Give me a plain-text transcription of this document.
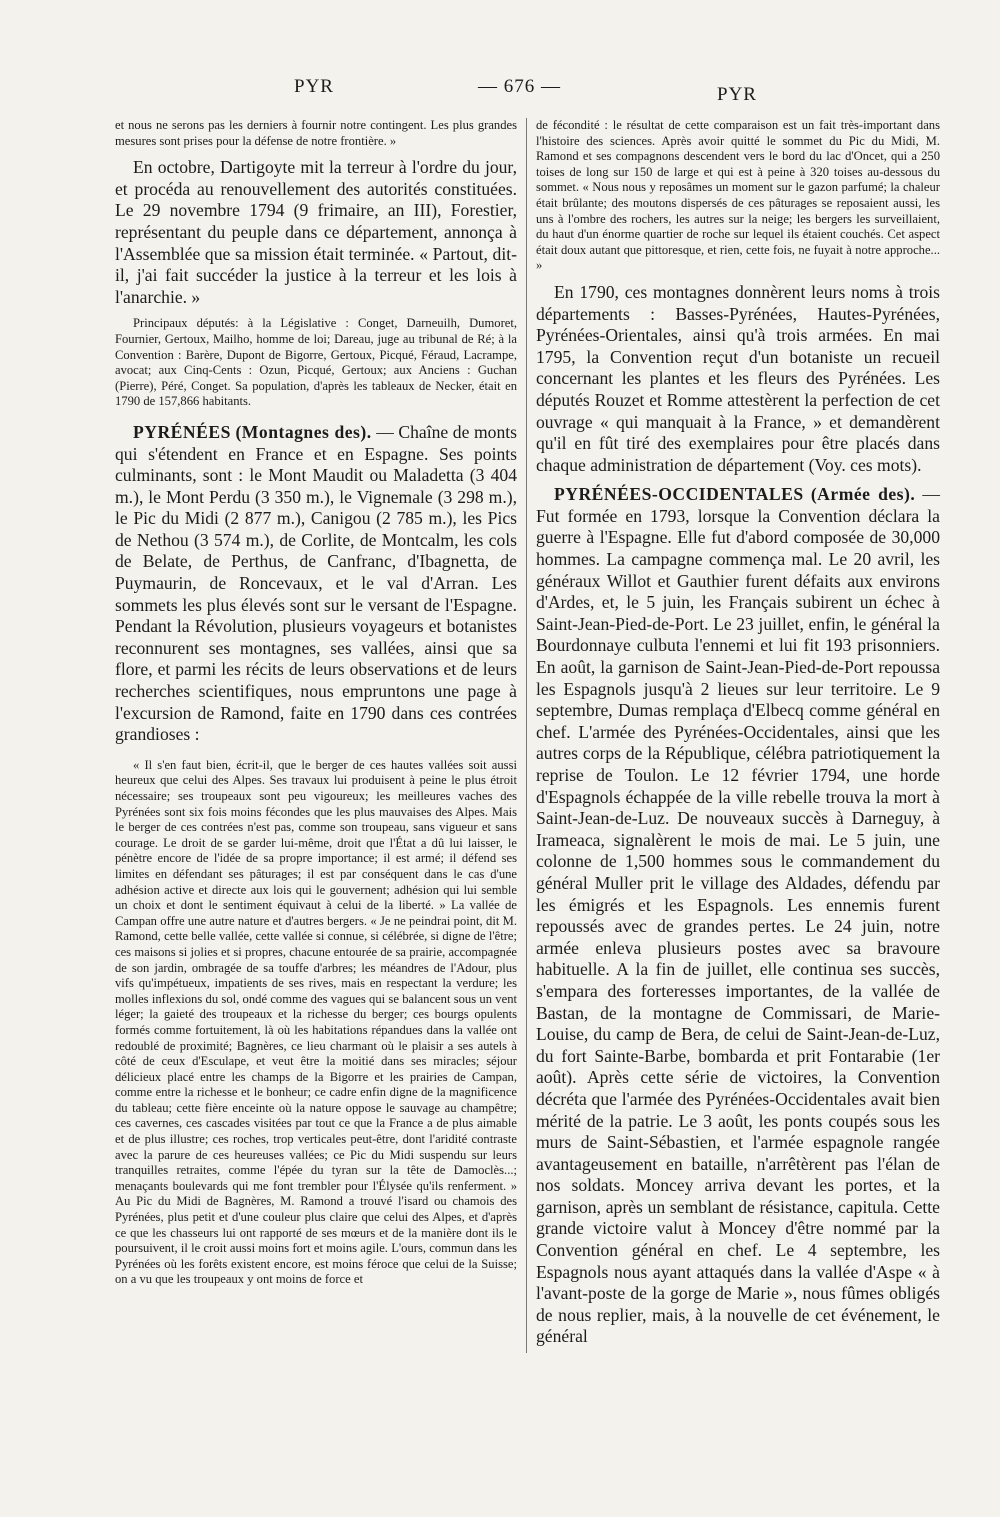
PYR	— 676 —	PYR

et nous ne serons pas les derniers à fournir notre contingent. Les plus grandes mesures sont prises pour la défense de notre frontière. »

En octobre, Dartigoyte mit la terreur à l'ordre du jour, et procéda au renouvellement des autorités constituées. Le 29 novembre 1794 (9 frimaire, an III), Forestier, représentant du peuple dans ce département, annonça à l'Assemblée que sa mission était terminée. « Partout, dit-il, j'ai fait succéder la justice à la terreur et les lois à l'anarchie. »

Principaux députés: à la Législative : Conget, Darneuilh, Dumoret, Fournier, Gertoux, Mailho, homme de loi; Dareau, juge au tribunal de Ré; à la Convention : Barère, Dupont de Bigorre, Gertoux, Picqué, Féraud, Lacrampe, avocat; aux Cinq-Cents : Ozun, Picqué, Gertoux; aux Anciens : Guchan (Pierre), Péré, Conget. Sa population, d'après les tableaux de Necker, était en 1790 de 157,866 habitants.

PYRÉNÉES (Montagnes des). — Chaîne de monts qui s'étendent en France et en Espagne. Ses points culminants, sont : le Mont Maudit ou Maladetta (3 404 m.), le Mont Perdu (3 350 m.), le Vignemale (3 298 m.), le Pic du Midi (2 877 m.), Canigou (2 785 m.), les Pics de Nethou (3 574 m.), de Corlite, de Montcalm, les cols de Belate, de Perthus, de Canfranc, d'Ibagnetta, de Puymaurin, de Roncevaux, et le val d'Arran. Les sommets les plus élevés sont sur le versant de l'Espagne. Pendant la Révolution, plusieurs voyageurs et botanistes reconnurent ses montagnes, ses vallées, ainsi que sa flore, et parmi les récits de leurs observations et de leurs recherches scientifiques, nous empruntons une page à l'excursion de Ramond, faite en 1790 dans ces contrées grandioses :

« Il s'en faut bien, écrit-il, que le berger de ces hautes vallées soit aussi heureux que celui des Alpes. Ses travaux lui produisent à peine le plus étroit nécessaire; ses troupeaux sont peu vigoureux; les meilleures vaches des Pyrénées sont six fois moins fécondes que les plus mauvaises des Alpes. Mais le berger de ces contrées n'est pas, comme son troupeau, sans vigueur et sans courage. Le droit de se garder lui-même, droit que l'État a dû lui laisser, le pénètre encore de l'idée de sa propre importance; il est armé; il défend ses limites en défendant ses pâturages; il est par conséquent dans le cas d'une adhésion active et directe aux lois qui le gouvernent; adhésion qui lui semble un choix et dont le sentiment équivaut à celui de la liberté. » La vallée de Campan offre une autre nature et d'autres bergers. « Je ne peindrai point, dit M. Ramond, cette belle vallée, cette vallée si connue, si célébrée, si digne de l'être; ces maisons si jolies et si propres, chacune entourée de sa prairie, accompagnée de son jardin, ombragée de sa touffe d'arbres; les méandres de l'Adour, plus vifs qu'impétueux, impatients de ses rives, mais en respectant la verdure; les molles inflexions du sol, ondé comme des vagues qui se balancent sous un vent léger; la gaieté des troupeaux et la richesse du berger; ces bourgs opulents formés comme fortuitement, là où les habitations répandues dans la vallée ont redoublé de proximité; Bagnères, ce lieu charmant où le plaisir a ses autels à côté de ceux d'Esculape, et veut être la moitié dans ses miracles; séjour délicieux placé entre les champs de la Bigorre et les prairies de Campan, comme entre la richesse et le bonheur; ce cadre enfin digne de la magnificence du tableau; cette fière enceinte où la nature oppose le sauvage au champêtre; ces cavernes, ces cascades visitées par tout ce que la France a de plus aimable et de plus illustre; ces roches, trop verticales peut-être, dont l'aridité contraste avec la parure de ces heureuses vallées; ce Pic du Midi suspendu sur leurs tranquilles retraites, comme l'épée du tyran sur la tête de Damoclès...; menaçants boulevards qui me font trembler pour l'Élysée qu'ils renferment. » Au Pic du Midi de Bagnères, M. Ramond a trouvé l'isard ou chamois des Pyrénées, plus petit et d'une couleur plus claire que celui des Alpes, et d'après ce que les chasseurs lui ont rapporté de ses mœurs et de la manière dont ils le poursuivent, il le croit aussi moins fort et moins agile. L'ours, commun dans les Pyrénées où les forêts existent encore, est moins féroce que celui de la Suisse; on a vu que les troupeaux y ont moins de force et

de fécondité : le résultat de cette comparaison est un fait très-important dans l'histoire des sciences. Après avoir quitté le sommet du Pic du Midi, M. Ramond et ses compagnons descendent vers le bord du lac d'Oncet, qui a 250 toises de long sur 150 de large et qui est à peine à 320 toises au-dessous du sommet. « Nous nous y reposâmes un moment sur le gazon parfumé; la chaleur était brûlante; des moutons dispersés de ces pâturages se reposaient aussi, les uns à l'ombre des rochers, les autres sur la neige; les bergers les surveillaient, du haut d'un énorme quartier de roche sur lequel ils étaient couchés. Cet aspect était doux autant que pittoresque, et rien, cette fois, ne fuyait à notre approche... »

En 1790, ces montagnes donnèrent leurs noms à trois départements : Basses-Pyrénées, Hautes-Pyrénées, Pyrénées-Orientales, ainsi qu'à trois armées. En mai 1795, la Convention reçut d'un botaniste un recueil concernant les plantes et les fleurs des Pyrénées. Les députés Rouzet et Romme attestèrent la perfection de cet ouvrage « qui manquait à la France, » et demandèrent qu'il en fût tiré des exemplaires pour être placés dans chaque administration de département (Voy. ces mots).

PYRÉNÉES-OCCIDENTALES (Armée des). — Fut formée en 1793, lorsque la Convention déclara la guerre à l'Espagne. Elle fut d'abord composée de 30,000 hommes. La campagne commença mal. Le 20 avril, les généraux Willot et Gauthier furent défaits aux environs d'Ardes, et, le 5 juin, les Français subirent un échec à Saint-Jean-Pied-de-Port. Le 23 juillet, enfin, le général la Bourdonnaye culbuta l'ennemi et lui fit 193 prisonniers. En août, la garnison de Saint-Jean-Pied-de-Port repoussa les Espagnols jusqu'à 2 lieues sur leur territoire. Le 9 septembre, Dumas remplaça d'Elbecq comme général en chef. L'armée des Pyrénées-Occidentales, ainsi que les autres corps de la République, célébra patriotiquement la reprise de Toulon. Le 12 février 1794, une horde d'Espagnols échappée de la ville rebelle trouva la mort à Saint-Jean-de-Luz. De nouveaux succès à Darneguy, à Irameaca, signalèrent le mois de mai. Le 5 juin, une colonne de 1,500 hommes sous le commandement du général Muller prit le village des Aldades, défendu par les émigrés et les Espagnols. Les ennemis furent repoussés avec de grandes pertes. Le 24 juin, notre armée enleva plusieurs postes avec sa bravoure habituelle. A la fin de juillet, elle continua ses succès, s'empara des forteresses importantes, de la vallée de Bastan, de la montagne de Commissari, de Marie-Louise, du camp de Bera, de celui de Saint-Jean-de-Luz, du fort Sainte-Barbe, bombarda et prit Fontarabie (1er août). Après cette série de victoires, la Convention décréta que l'armée des Pyrénées-Occidentales avait bien mérité de la patrie. Le 3 août, les ponts coupés sous les murs de Saint-Sébastien, et l'armée espagnole rangée avantageusement en bataille, n'arrêtèrent pas l'élan de nos soldats. Moncey arriva devant les portes, et la garnison, après un semblant de résistance, capitula. Cette grande victoire valut à Moncey d'être nommé par la Convention général en chef. Le 4 septembre, les Espagnols nous ayant attaqués dans la vallée d'Aspe « à l'avant-poste de la gorge de Marie », nous fûmes obligés de nous replier, mais, à la nouvelle de cet événement, le général
